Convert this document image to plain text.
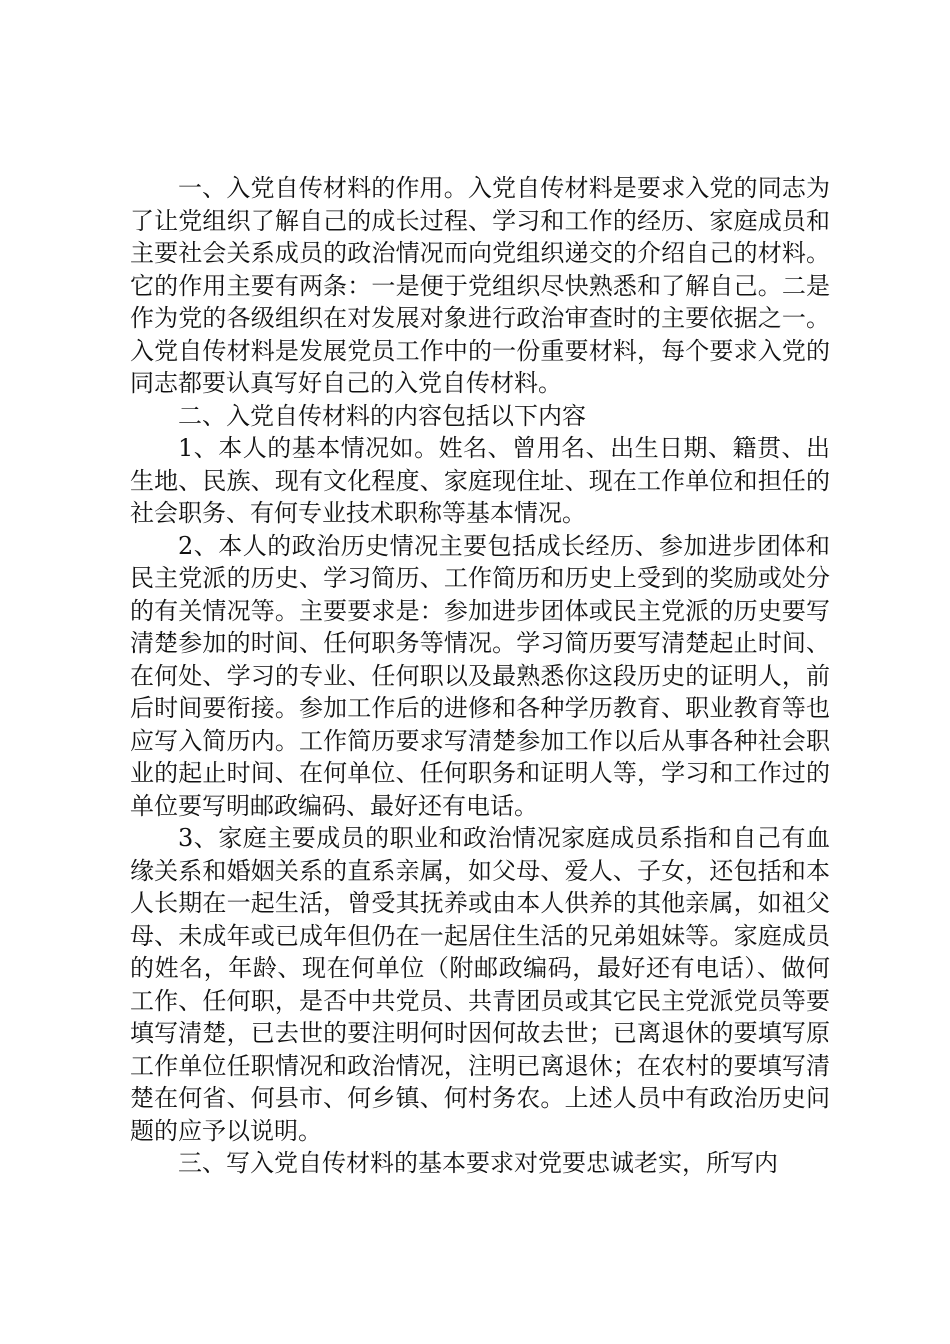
一、入党自传材料的作用。入党自传材料是要求入党的同志为了让党组织了解自己的成长过程、学习和工作的经历、家庭成员和主要社会关系成员的政治情况而向党组织递交的介绍自己的材料。它的作用主要有两条：一是便于党组织尽快熟悉和了解自己。二是作为党的各级组织在对发展对象进行政治审查时的主要依据之一。入党自传材料是发展党员工作中的一份重要材料，每个要求入党的同志都要认真写好自己的入党自传材料。

二、入党自传材料的内容包括以下内容

1、本人的基本情况如。姓名、曾用名、出生日期、籍贯、出生地、民族、现有文化程度、家庭现住址、现在工作单位和担任的社会职务、有何专业技术职称等基本情况。

2、本人的政治历史情况主要包括成长经历、参加进步团体和民主党派的历史、学习简历、工作简历和历史上受到的奖励或处分的有关情况等。主要要求是：参加进步团体或民主党派的历史要写清楚参加的时间、任何职务等情况。学习简历要写清楚起止时间、在何处、学习的专业、任何职以及最熟悉你这段历史的证明人，前后时间要衔接。参加工作后的进修和各种学历教育、职业教育等也应写入简历内。工作简历要求写清楚参加工作以后从事各种社会职业的起止时间、在何单位、任何职务和证明人等，学习和工作过的单位要写明邮政编码、最好还有电话。

3、家庭主要成员的职业和政治情况家庭成员系指和自己有血缘关系和婚姻关系的直系亲属，如父母、爱人、子女，还包括和本人长期在一起生活，曾受其抚养或由本人供养的其他亲属，如祖父母、未成年或已成年但仍在一起居住生活的兄弟姐妹等。家庭成员的姓名，年龄、现在何单位（附邮政编码，最好还有电话）、做何工作、任何职，是否中共党员、共青团员或其它民主党派党员等要填写清楚，已去世的要注明何时因何故去世；已离退休的要填写原工作单位任职情况和政治情况，注明已离退休；在农村的要填写清楚在何省、何县市、何乡镇、何村务农。上述人员中有政治历史问题的应予以说明。

三、写入党自传材料的基本要求对党要忠诚老实，所写内
